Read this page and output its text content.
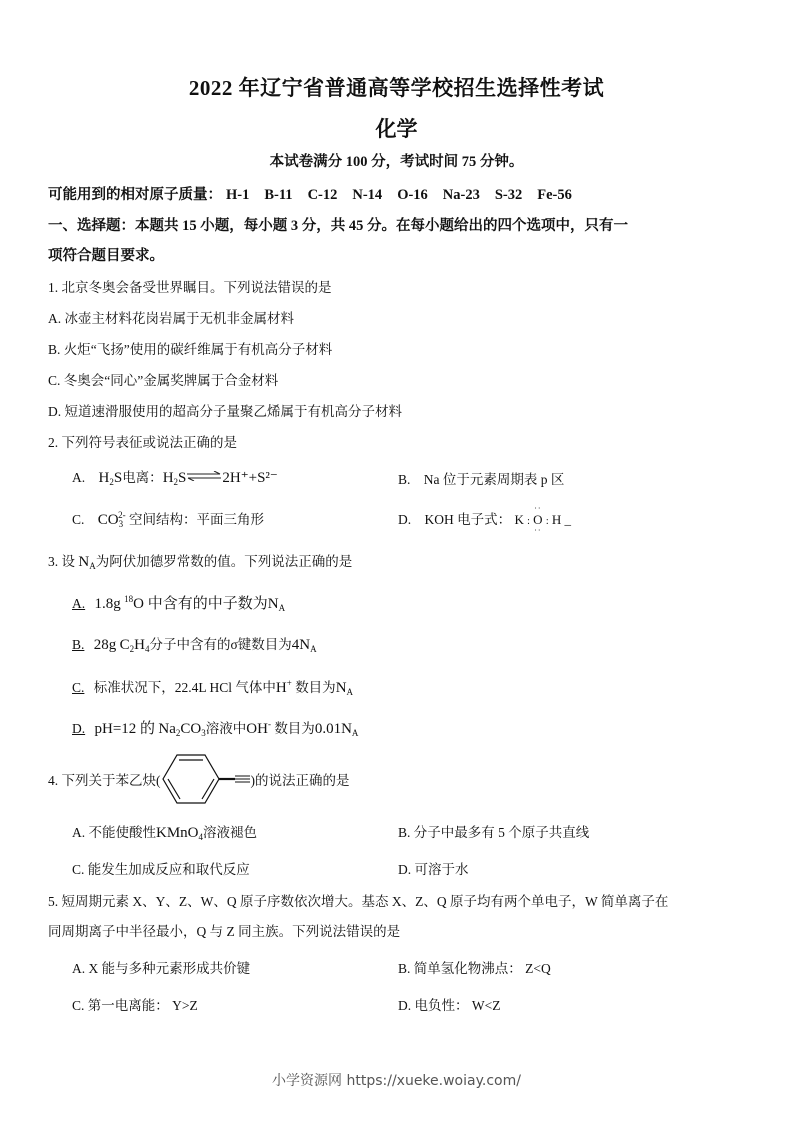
2022 年辽宁省普通高等学校招生选择性考试
化学
本试卷满分 100 分，考试时间 75 分钟。
可能用到的相对原子质量： H-1 B-11 C-12 N-14 O-16 Na-23 S-32 Fe-56
一、选择题：本题共 15 小题，每小题 3 分，共 45 分。在每小题给出的四个选项中，只有一
项符合题目要求。
1. 北京冬奥会备受世界瞩目。下列说法错误的是
A. 冰壶主材料花岗岩属于无机非金属材料
B. 火炬“飞扬”使用的碳纤维属于有机高分子材料
C. 冬奥会“同心”金属奖牌属于合金材料
D. 短道速滑服使用的超高分子量聚乙烯属于有机高分子材料
2. 下列符号表征或说法正确的是
A. $H_2S$电离：$H_2S\rightleftharpoons 2H^++S^{2-}$	B. Na 位于元素周期表 p 区
C. $CO_3^{2-}$ 空间结构：平面三角形	D. KOH 电子式： K :
··
O
··
: H _
3. 设 $N_A$为阿伏加德罗常数的值。下列说法正确的是
A. 1.8g $^{18}$O 中含有的中子数为$N_A$
B. 28g $C_2H_4$分子中含有的σ键数目为$4N_A$
C. 标准状况下，22.4L HCl 气体中H+ 数目为$N_A$
D. pH=12 的 $Na_2CO_3$溶液中OH- 数目为$0.01N_A$
4. 下列关于苯乙炔(	)的说法正确的是
A. 不能使酸性KMnO$_4$溶液褪色	B. 分子中最多有 5 个原子共直线
C. 能发生加成反应和取代反应	D. 可溶于水
5. 短周期元素 X、Y、Z、W、Q 原子序数依次增大。基态 X、Z、Q 原子均有两个单电子，W 简单离子在
同周期离子中半径最小，Q 与 Z 同主族。下列说法错误的是
A. X 能与多种元素形成共价键	B. 简单氢化物沸点： Z<Q
C. 第一电离能： Y>Z	D. 电负性： W<Z
小学资源网 https://xueke.woiay.com/
